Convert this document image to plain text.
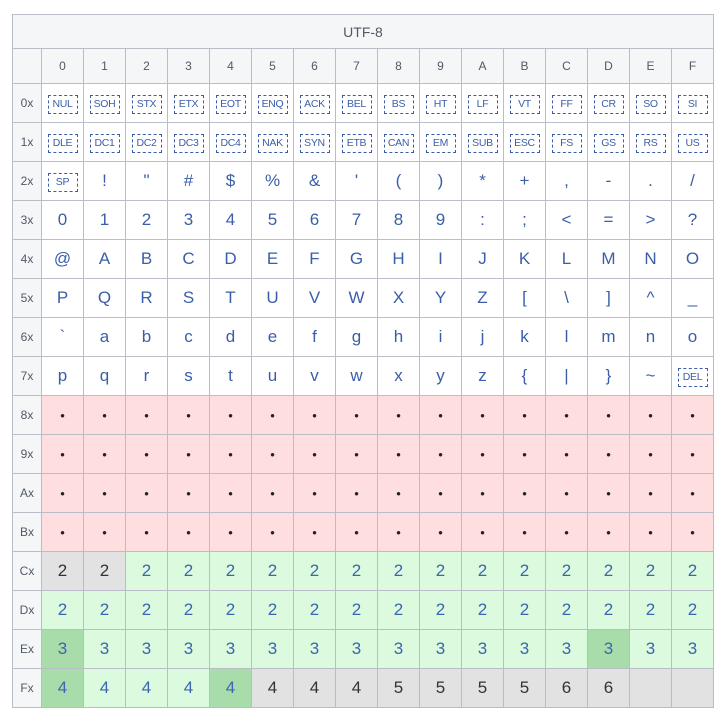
UTF-8																
	0	1	2	3	4	5	6	7	8	9	A	B	C	D	E	F
0x	NUL	SOH	STX	ETX	EOT	ENQ	ACK	BEL	BS	HT	LF	VT	FF	CR	SO	SI
1x	DLE	DC1	DC2	DC3	DC4	NAK	SYN	ETB	CAN	EM	SUB	ESC	FS	GS	RS	US
2x	SP	!	"	#	$	%	&	'	(	)	*	+	,	-	.	/
3x	0	1	2	3	4	5	6	7	8	9	:	;	<	=	>	?
4x	@	A	B	C	D	E	F	G	H	I	J	K	L	M	N	O
5x	P	Q	R	S	T	U	V	W	X	Y	Z	[	\	]	^	_
6x	`	a	b	c	d	e	f	g	h	i	j	k	l	m	n	o
7x	p	q	r	s	t	u	v	w	x	y	z	{	|	}	~	DEL
8x	•	•	•	•	•	•	•	•	•	•	•	•	•	•	•	•
9x	•	•	•	•	•	•	•	•	•	•	•	•	•	•	•	•
Ax	•	•	•	•	•	•	•	•	•	•	•	•	•	•	•	•
Bx	•	•	•	•	•	•	•	•	•	•	•	•	•	•	•	•
Cx	2	2	2	2	2	2	2	2	2	2	2	2	2	2	2	2
Dx	2	2	2	2	2	2	2	2	2	2	2	2	2	2	2	2
Ex	3	3	3	3	3	3	3	3	3	3	3	3	3	3	3	3
Fx	4	4	4	4	4	4	4	4	5	5	5	5	6	6		
